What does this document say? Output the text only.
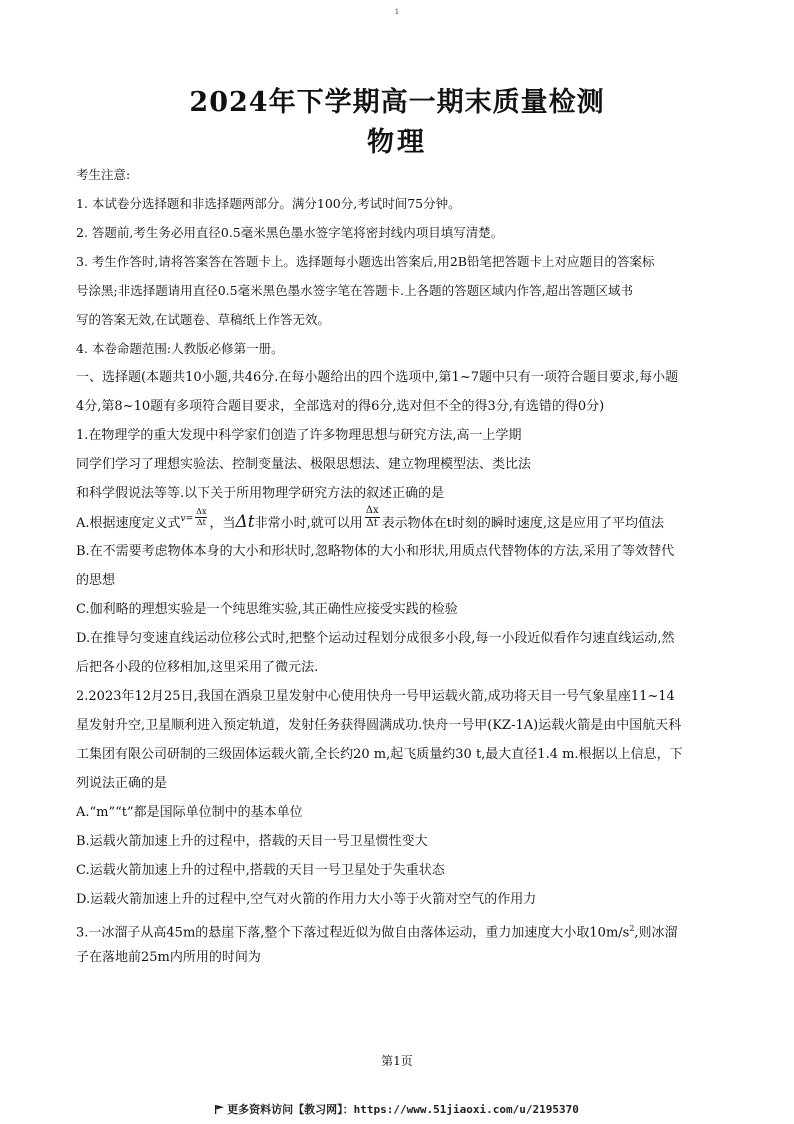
1
2024年下学期高一期末质量检测
物理
考生注意:
1. 本试卷分选择题和非选择题两部分。满分100分,考试时间75分钟。
2. 答题前,考生务必用直径0.5毫米黑色墨水签字笔将密封线内项目填写清楚。
3. 考生作答时,请将答案答在答题卡上。选择题每小题选出答案后,用2B铅笔把答题卡上对应题目的答案标
号涂黑;非选择题请用直径0.5毫米黑色墨水签字笔在答题卡.上各题的答题区域内作答,超出答题区域书
写的答案无效,在试题卷、草稿纸上作答无效。
4. 本卷命题范围:人教版必修第一册。
一、选择题(本题共10小题,共46分.在每小题给出的四个选项中,第1~7题中只有一项符合题目要求,每小题
4分,第8~10题有多项符合题目要求，全部选对的得6分,选对但不全的得3分,有选错的得0分)
1.在物理学的重大发现中科学家们创造了许多物理思想与研究方法,高一上学期
同学们学习了理想实验法、控制变量法、极限思想法、建立物理模型法、类比法
和科学假说法等等.以下关于所用物理学研究方法的叙述正确的是
A.根据速度定义式$^{v=} \frac{\Delta x}{\Delta t}$ ，当Δt非常小时,就可以用 $\frac{\Delta x}{\Delta t}$ 表示物体在t时刻的瞬时速度,这是应用了平均值法
B.在不需要考虑物体本身的大小和形状时,忽略物体的大小和形状,用质点代替物体的方法,采用了等效替代
的思想
C.伽利略的理想实验是一个纯思维实验,其正确性应接受实践的检验
D.在推导匀变速直线运动位移公式时,把整个运动过程划分成很多小段,每一小段近似看作匀速直线运动,然
后把各小段的位移相加,这里采用了微元法.
2.2023年12月25日,我国在酒泉卫星发射中心使用快舟一号甲运载火箭,成功将天目一号气象星座11~14
星发射升空,卫星顺利进入预定轨道，发射任务获得圆满成功.快舟一号甲(KZ-1A)运载火箭是由中国航天科
工集团有限公司研制的三级固体运载火箭,全长约20 m,起飞质量约30 t,最大直径1.4 m.根据以上信息，下
列说法正确的是
A.“m”“t”都是国际单位制中的基本单位
B.运载火箭加速上升的过程中，搭载的天目一号卫星惯性变大
C.运载火箭加速上升的过程中,搭载的天目一号卫星处于失重状态
D.运载火箭加速上升的过程中,空气对火箭的作用力大小等于火箭对空气的作用力
3.一冰溜子从高45m的悬崖下落,整个下落过程近似为做自由落体运动，重力加速度大小取$10m/s^2$,则冰溜
子在落地前25m内所用的时间为
第1页
更多资料访问【教习网】：https://www.51jiaoxi.com/u/2195370
